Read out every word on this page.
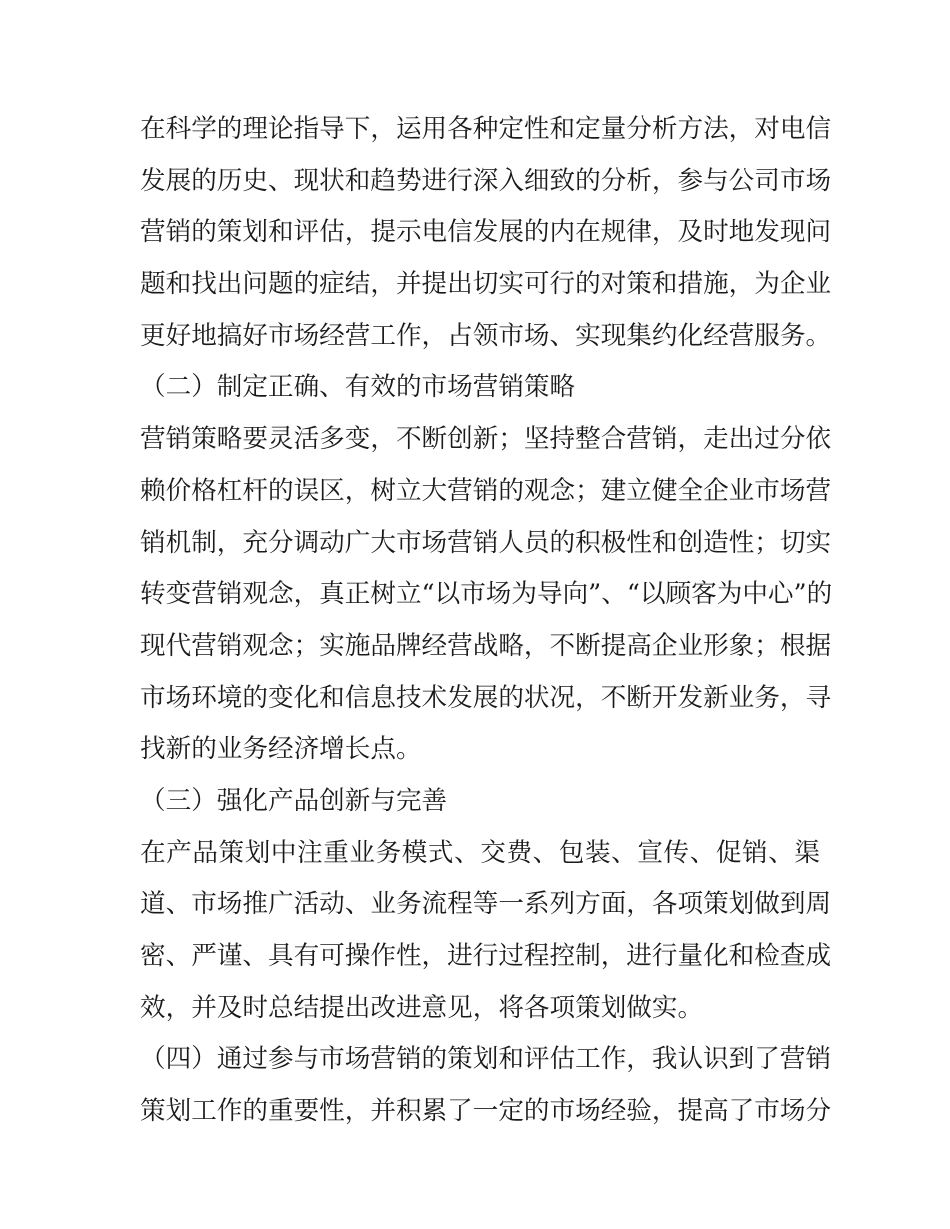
在科学的理论指导下，运用各种定性和定量分析方法，对电信
发展的历史、现状和趋势进行深入细致的分析，参与公司市场
营销的策划和评估，提示电信发展的内在规律，及时地发现问
题和找出问题的症结，并提出切实可行的对策和措施，为企业
更好地搞好市场经营工作，占领市场、实现集约化经营服务。
（二）制定正确、有效的市场营销策略
营销策略要灵活多变，不断创新；坚持整合营销，走出过分依
赖价格杠杆的误区，树立大营销的观念；建立健全企业市场营
销机制，充分调动广大市场营销人员的积极性和创造性；切实
转变营销观念，真正树立“以市场为导向”、“以顾客为中心”的
现代营销观念；实施品牌经营战略，不断提高企业形象；根据
市场环境的变化和信息技术发展的状况，不断开发新业务，寻
找新的业务经济增长点。
（三）强化产品创新与完善
在产品策划中注重业务模式、交费、包装、宣传、促销、渠
道、市场推广活动、业务流程等一系列方面，各项策划做到周
密、严谨、具有可操作性，进行过程控制，进行量化和检查成
效，并及时总结提出改进意见，将各项策划做实。
（四）通过参与市场营销的策划和评估工作，我认识到了营销
策划工作的重要性，并积累了一定的市场经验，提高了市场分
